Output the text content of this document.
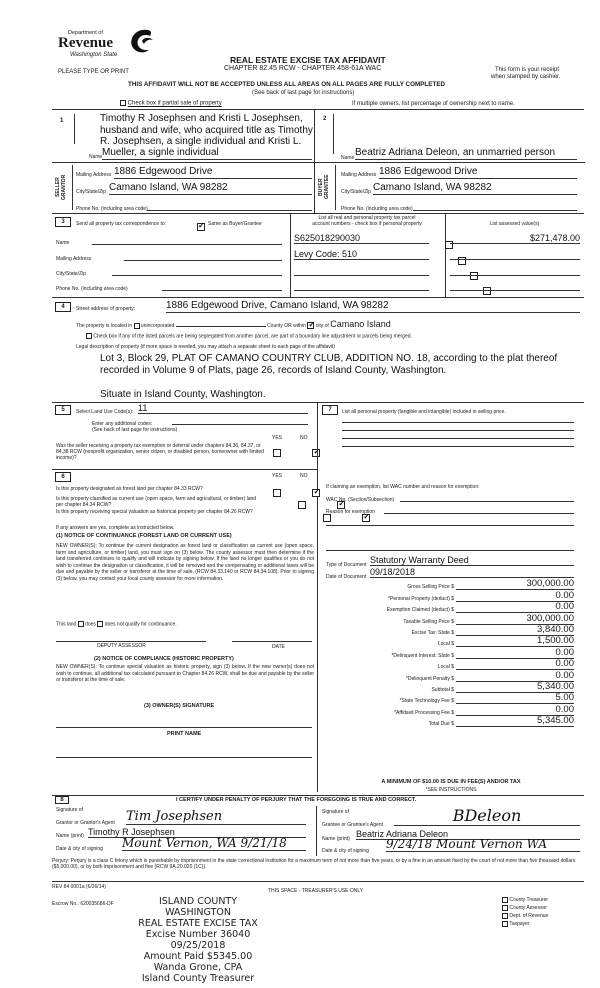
Department of
Revenue
Washington State
PLEASE TYPE OR PRINT
REAL ESTATE EXCISE TAX AFFIDAVIT
CHAPTER 82.45 RCW - CHAPTER 458-61A WAC	This form is your receipt
when stamped by cashier.
THIS AFFIDAVIT WILL NOT BE ACCEPTED UNLESS ALL AREAS ON ALL PAGES ARE FULLY COMPLETED
(See back of last page for instructions)
Check box if partial sale of property	If multiple owners, list percentage of ownership next to name.
1	Timothy R Josephsen and Kristi L Josephsen,
husband and wife, who acquired title as Timothy
R. Josephsen, a single individual and Kristi L.
Name Mueller, a signle individual
SELLER GRANTOR	Mailing Address 1886 Edgewood Drive
City/State/Zip Camano Island, WA 98282
Phone No. (including area code)
2
Name Beatriz Adriana Deleon, an unmarried person
BUYER GRANTEE	Mailing Address 1886 Edgewood Drive
City/State/Zip Camano Island, WA 98282
Phone No. (including area code)
3	Send all property tax correspondence to: ✓	Same as Buyer/Grantee
Name
Mailing Address
City/State/Zip
Phone No. (including area code)
List all real and personal property tax parcel
account numbers - check box if personal property	List assessed value(s)
S625018290030
	$271,478.00
Levy Code: 510

4	Street address of property:	1886 Edgewood Drive, Camano Island, WA 98282
The property is located in unincorporated	County OR within ✓ city of Camano Island
Check box if any of the listed parcels are being segregated from another parcel, are part of a boundary line adjustment or parcels being merged.
Legal description of property (if more space is needed, you may attach a separate sheet to each page of the affidavit)
Lot 3, Block 29, PLAT OF CAMANO COUNTRY CLUB, ADDITION NO. 18, according to the plat thereof
recorded in Volume 9 of Plats, page 26, records of Island County, Washington.
Situate in Island County, Washington.
5	Select Land Use Code(s): 11
Enter any additional codes:
(See back of last page for instructions)
YES	NO
Was the seller receiving a property tax exemption or deferral under chapters 84.36, 84.37, or 84.38 RCW (nonprofit organization, senior citizen, or disabled person, homeowner with limited income)?
✓
6	YES	NO
Is this property designated as forest land per chapter 84.33 RCW?
✓
Is this property classified as current use (open space, farm and agricultural, or timber) land per chapter 84.34 RCW?
✓
Is this property receiving special valuation as historical property per chapter 84.26 RCW?
✓
If any answers are yes, complete as instructed below.
(1) NOTICE OF CONTINUANCE (FOREST LAND OR CURRENT USE)
NEW OWNER(S): To continue the current designation as forest land or classification as current use (open space, farm and agriculture, or timber) land, you must sign on (3) below. The county assessor must then determine if the land transferred continues to qualify and will indicate by signing below. If the land no longer qualifies or you do not wish to continue the designation or classification, it will be removed and the compensating or additional taxes will be due and payable by the seller or transferor at the time of sale. (RCW 84.33.140 or RCW 84.34.108). Prior to signing (3) below, you may contact your local county assessor for more information.
This land does does not qualify for continuance.
DEPUTY ASSESSOR	DATE
(2) NOTICE OF COMPLIANCE (HISTORIC PROPERTY)
NEW OWNER(S): To continue special valuation as historic property, sign (3) below. If the new owner(s) does not wish to continue, all additional tax calculated pursuant to Chapter 84.26 RCW, shall be due and payable by the seller or transferor at the time of sale.
(3) OWNER(S) SIGNATURE
PRINT NAME
7	List all personal property (tangible and intangible) included in selling price.
If claiming an exemption, list WAC number and reason for exemption:
WAC No. (Section/Subsection)
Reason for exemption
Type of Document Statutory Warranty Deed
Date of Document 09/18/2018
Gross Selling Price $	300,000.00
*Personal Property (deduct) $	0.00
Exemption Claimed (deduct) $	0.00
Taxable Selling Price $	300,000.00
Excise Tax: State $	3,840.00
Local $	1,500.00
*Delinquent Interest: State $	0.00
Local $	0.00
*Delinquent Penalty $	0.00
Subtotal $	5,340.00
*State Technology Fee $	5.00
*Affidavit Processing Fee $	0.00
Total Due $	5,345.00
A MINIMUM OF $10.00 IS DUE IN FEE(S) AND/OR TAX
*SEE INSTRUCTIONS
8	I CERTIFY UNDER PENALTY OF PERJURY THAT THE FOREGOING IS TRUE AND CORRECT.
Signature of
Grantor or Grantor's Agent Tim Josephsen
Name (print) Timothy R Josephsen
Date & city of signing Mount Vernon, WA 9/21/18
Signature of
Grantee or Grantee's Agent	BDeleon
Name (print) Beatriz Adriana Deleon
Date & city of signing 9/24/18 Mount Vernon WA
Perjury: Perjury is a class C felony which is punishable by imprisonment in the state correctional institution for a maximum term of not more than five years, or by a fine in an amount fixed by the court of not more than five thousand dollars ($5,000.00), or by both imprisonment and fine (RCW 9A.20.020 (1C)).
REV 84 0001a (6/26/14)
THIS SPACE - TREASURER'S USE ONLY
Escrow No.: 620035686-DF	ISLAND COUNTY WASHINGTON
REAL ESTATE EXCISE TAX
Excise Number 36040
09/25/2018
Amount Paid $5345.00
Wanda Grone, CPA
Island County Treasurer
County Treasurer
County Assessor
Dept. of Revenue
Taxpayer
